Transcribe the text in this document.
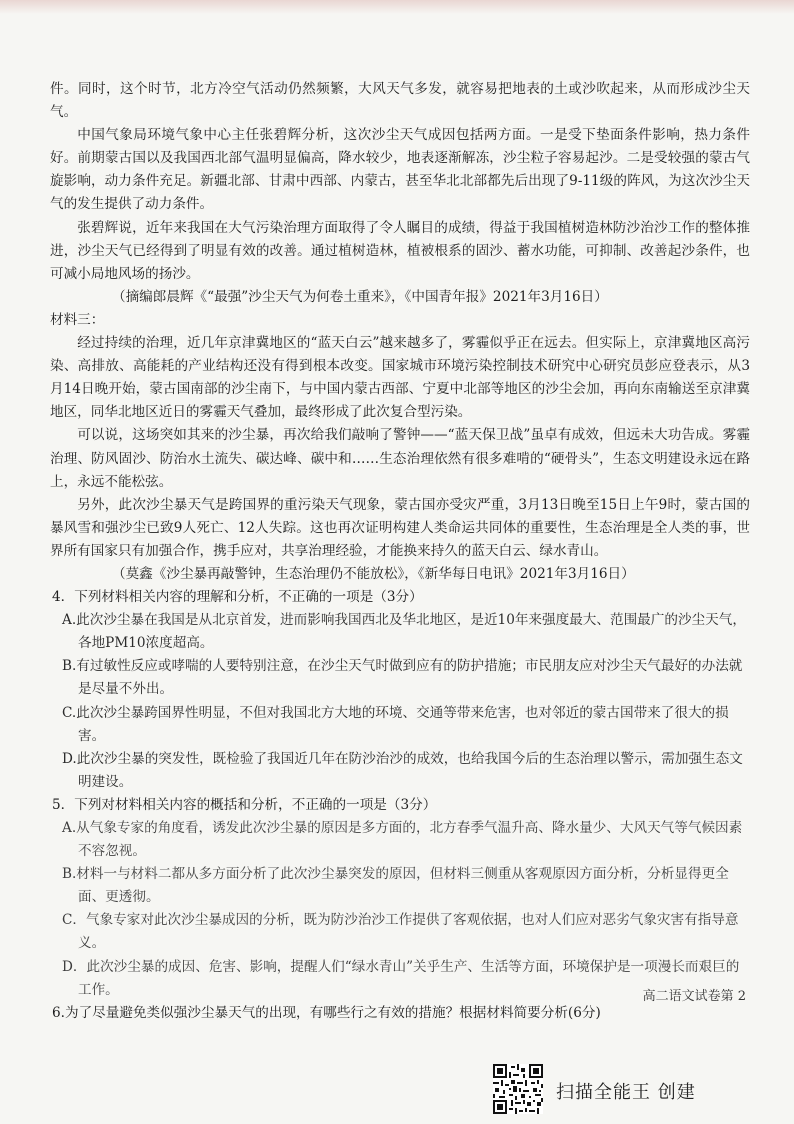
件。同时，这个时节，北方冷空气活动仍然频繁，大风天气多发，就容易把地表的土或沙吹起来，从而形成沙尘天气。

中国气象局环境气象中心主任张碧辉分析，这次沙尘天气成因包括两方面。一是受下垫面条件影响，热力条件好。前期蒙古国以及我国西北部气温明显偏高，降水较少，地表逐渐解冻，沙尘粒子容易起沙。二是受较强的蒙古气旋影响，动力条件充足。新疆北部、甘肃中西部、内蒙古，甚至华北北部都先后出现了9-11级的阵风，为这次沙尘天气的发生提供了动力条件。

张碧辉说，近年来我国在大气污染治理方面取得了令人瞩目的成绩，得益于我国植树造林防沙治沙工作的整体推进，沙尘天气已经得到了明显有效的改善。通过植树造林，植被根系的固沙、蓄水功能，可抑制、改善起沙条件，也可减小局地风场的扬沙。

（摘编郎晨辉《“最强”沙尘天气为何卷土重来》，《中国青年报》2021年3月16日）

材料三：

经过持续的治理，近几年京津冀地区的“蓝天白云”越来越多了，雾霾似乎正在远去。但实际上，京津冀地区高污染、高排放、高能耗的产业结构还没有得到根本改变。国家城市环境污染控制技术研究中心研究员彭应登表示，从3月14日晚开始，蒙古国南部的沙尘南下，与中国内蒙古西部、宁夏中北部等地区的沙尘会加，再向东南输送至京津冀地区，同华北地区近日的雾霾天气叠加，最终形成了此次复合型污染。

可以说，这场突如其来的沙尘暴，再次给我们敲响了警钟——“蓝天保卫战”虽卓有成效，但远未大功告成。雾霾治理、防风固沙、防治水土流失、碳达峰、碳中和……生态治理依然有很多难啃的“硬骨头”，生态文明建设永远在路上，永远不能松弦。

另外，此次沙尘暴天气是跨国界的重污染天气现象，蒙古国亦受灾严重，3月13日晚至15日上午9时，蒙古国的暴风雪和强沙尘已致9人死亡、12人失踪。这也再次证明构建人类命运共同体的重要性，生态治理是全人类的事，世界所有国家只有加强合作，携手应对，共享治理经验，才能换来持久的蓝天白云、绿水青山。

（莫鑫《沙尘暴再敲警钟，生态治理仍不能放松》，《新华每日电讯》2021年3月16日）

4．下列材料相关内容的理解和分析，不正确的一项是（3分）

A.此次沙尘暴在我国是从北京首发，进而影响我国西北及华北地区，是近10年来强度最大、范围最广的沙尘天气，各地PM10浓度超高。

B.有过敏性反应或哮喘的人要特别注意，在沙尘天气时做到应有的防护措施；市民朋友应对沙尘天气最好的办法就是尽量不外出。

C.此次沙尘暴跨国界性明显，不但对我国北方大地的环境、交通等带来危害，也对邻近的蒙古国带来了很大的损害。

D.此次沙尘暴的突发性，既检验了我国近几年在防沙治沙的成效，也给我国今后的生态治理以警示，需加强生态文明建设。

5．下列对材料相关内容的概括和分析，不正确的一项是（3分）

A.从气象专家的角度看，诱发此次沙尘暴的原因是多方面的，北方春季气温升高、降水量少、大风天气等气候因素不容忽视。

B.材料一与材料二都从多方面分析了此次沙尘暴突发的原因，但材料三侧重从客观原因方面分析，分析显得更全面、更透彻。

C．气象专家对此次沙尘暴成因的分析，既为防沙治沙工作提供了客观依据，也对人们应对恶劣气象灾害有指导意义。

D．此次沙尘暴的成因、危害、影响，提醒人们“绿水青山”关乎生产、生活等方面，环境保护是一项漫长而艰巨的工作。

6.为了尽量避免类似强沙尘暴天气的出现，有哪些行之有效的措施？根据材料简要分析(6分)

高二语文试卷第 2
扫描全能王 创建
